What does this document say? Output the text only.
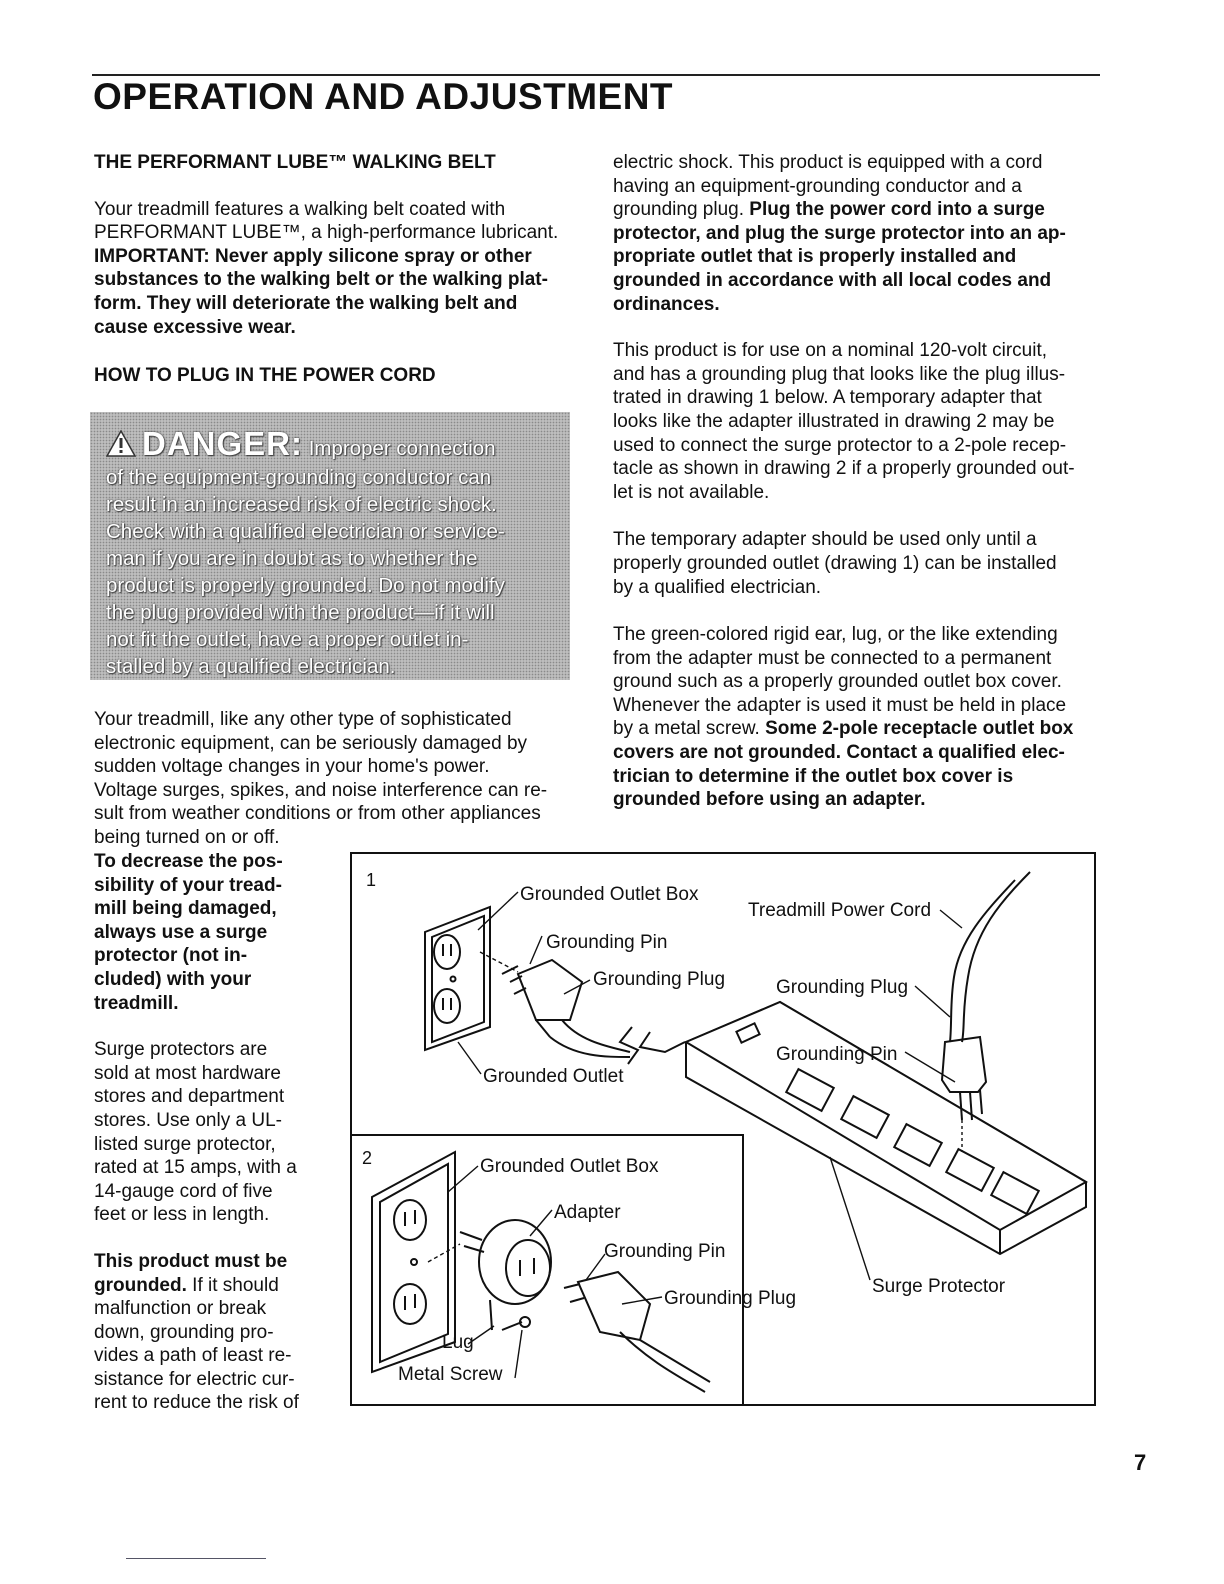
OPERATION AND ADJUSTMENT

THE PERFORMANT LUBE™ WALKING BELT

Your treadmill features a walking belt coated with

PERFORMANT LUBE™, a high-performance lubricant.

IMPORTANT: Never apply silicone spray or other

substances to the walking belt or the walking plat-

form. They will deteriorate the walking belt and

cause excessive wear.

HOW TO PLUG IN THE POWER CORD

DANGER: Improper connection
of the equipment-grounding conductor can
result in an increased risk of electric shock.
Check with a qualified electrician or service-
man if you are in doubt as to whether the
product is properly grounded. Do not modify
the plug provided with the product—if it will
not fit the outlet, have a proper outlet in-
stalled by a qualified electrician.

Your treadmill, like any other type of sophisticated

electronic equipment, can be seriously damaged by

sudden voltage changes in your home's power.

Voltage surges, spikes, and noise interference can re-

sult from weather conditions or from other appliances

being turned on or off.

To decrease the pos-

sibility of your tread-

mill being damaged,

always use a surge

protector (not in-

cluded) with your

treadmill.

Surge protectors are

sold at most hardware

stores and department

stores. Use only a UL-

listed surge protector,

rated at 15 amps, with a

14-gauge cord of five

feet or less in length.

This product must be

grounded. If it should

malfunction or break

down, grounding pro-

vides a path of least re-

sistance for electric cur-

rent to reduce the risk of

electric shock. This product is equipped with a cord

having an equipment-grounding conductor and a

grounding plug. Plug the power cord into a surge

protector, and plug the surge protector into an ap-

propriate outlet that is properly installed and

grounded in accordance with all local codes and

ordinances.

This product is for use on a nominal 120-volt circuit,

and has a grounding plug that looks like the plug illus-

trated in drawing 1 below. A temporary adapter that

looks like the adapter illustrated in drawing 2 may be

used to connect the surge protector to a 2-pole recep-

tacle as shown in drawing 2 if a properly grounded out-

let is not available.

The temporary adapter should be used only until a

properly grounded outlet (drawing 1) can be installed

by a qualified electrician.

The green-colored rigid ear, lug, or the like extending

from the adapter must be connected to a permanent

ground such as a properly grounded outlet box cover.

Whenever the adapter is used it must be held in place

by a metal screw. Some 2-pole receptacle outlet box

covers are not grounded. Contact a qualified elec-

trician to determine if the outlet box cover is

grounded before using an adapter.

1
2
Grounded Outlet Box
Grounding Pin
Grounding Plug
Grounded Outlet
Treadmill Power Cord
Grounding Plug
Grounding Pin
Surge Protector
Grounded Outlet Box
Adapter
Grounding Pin
Grounding Plug
Lug
Metal Screw
7
